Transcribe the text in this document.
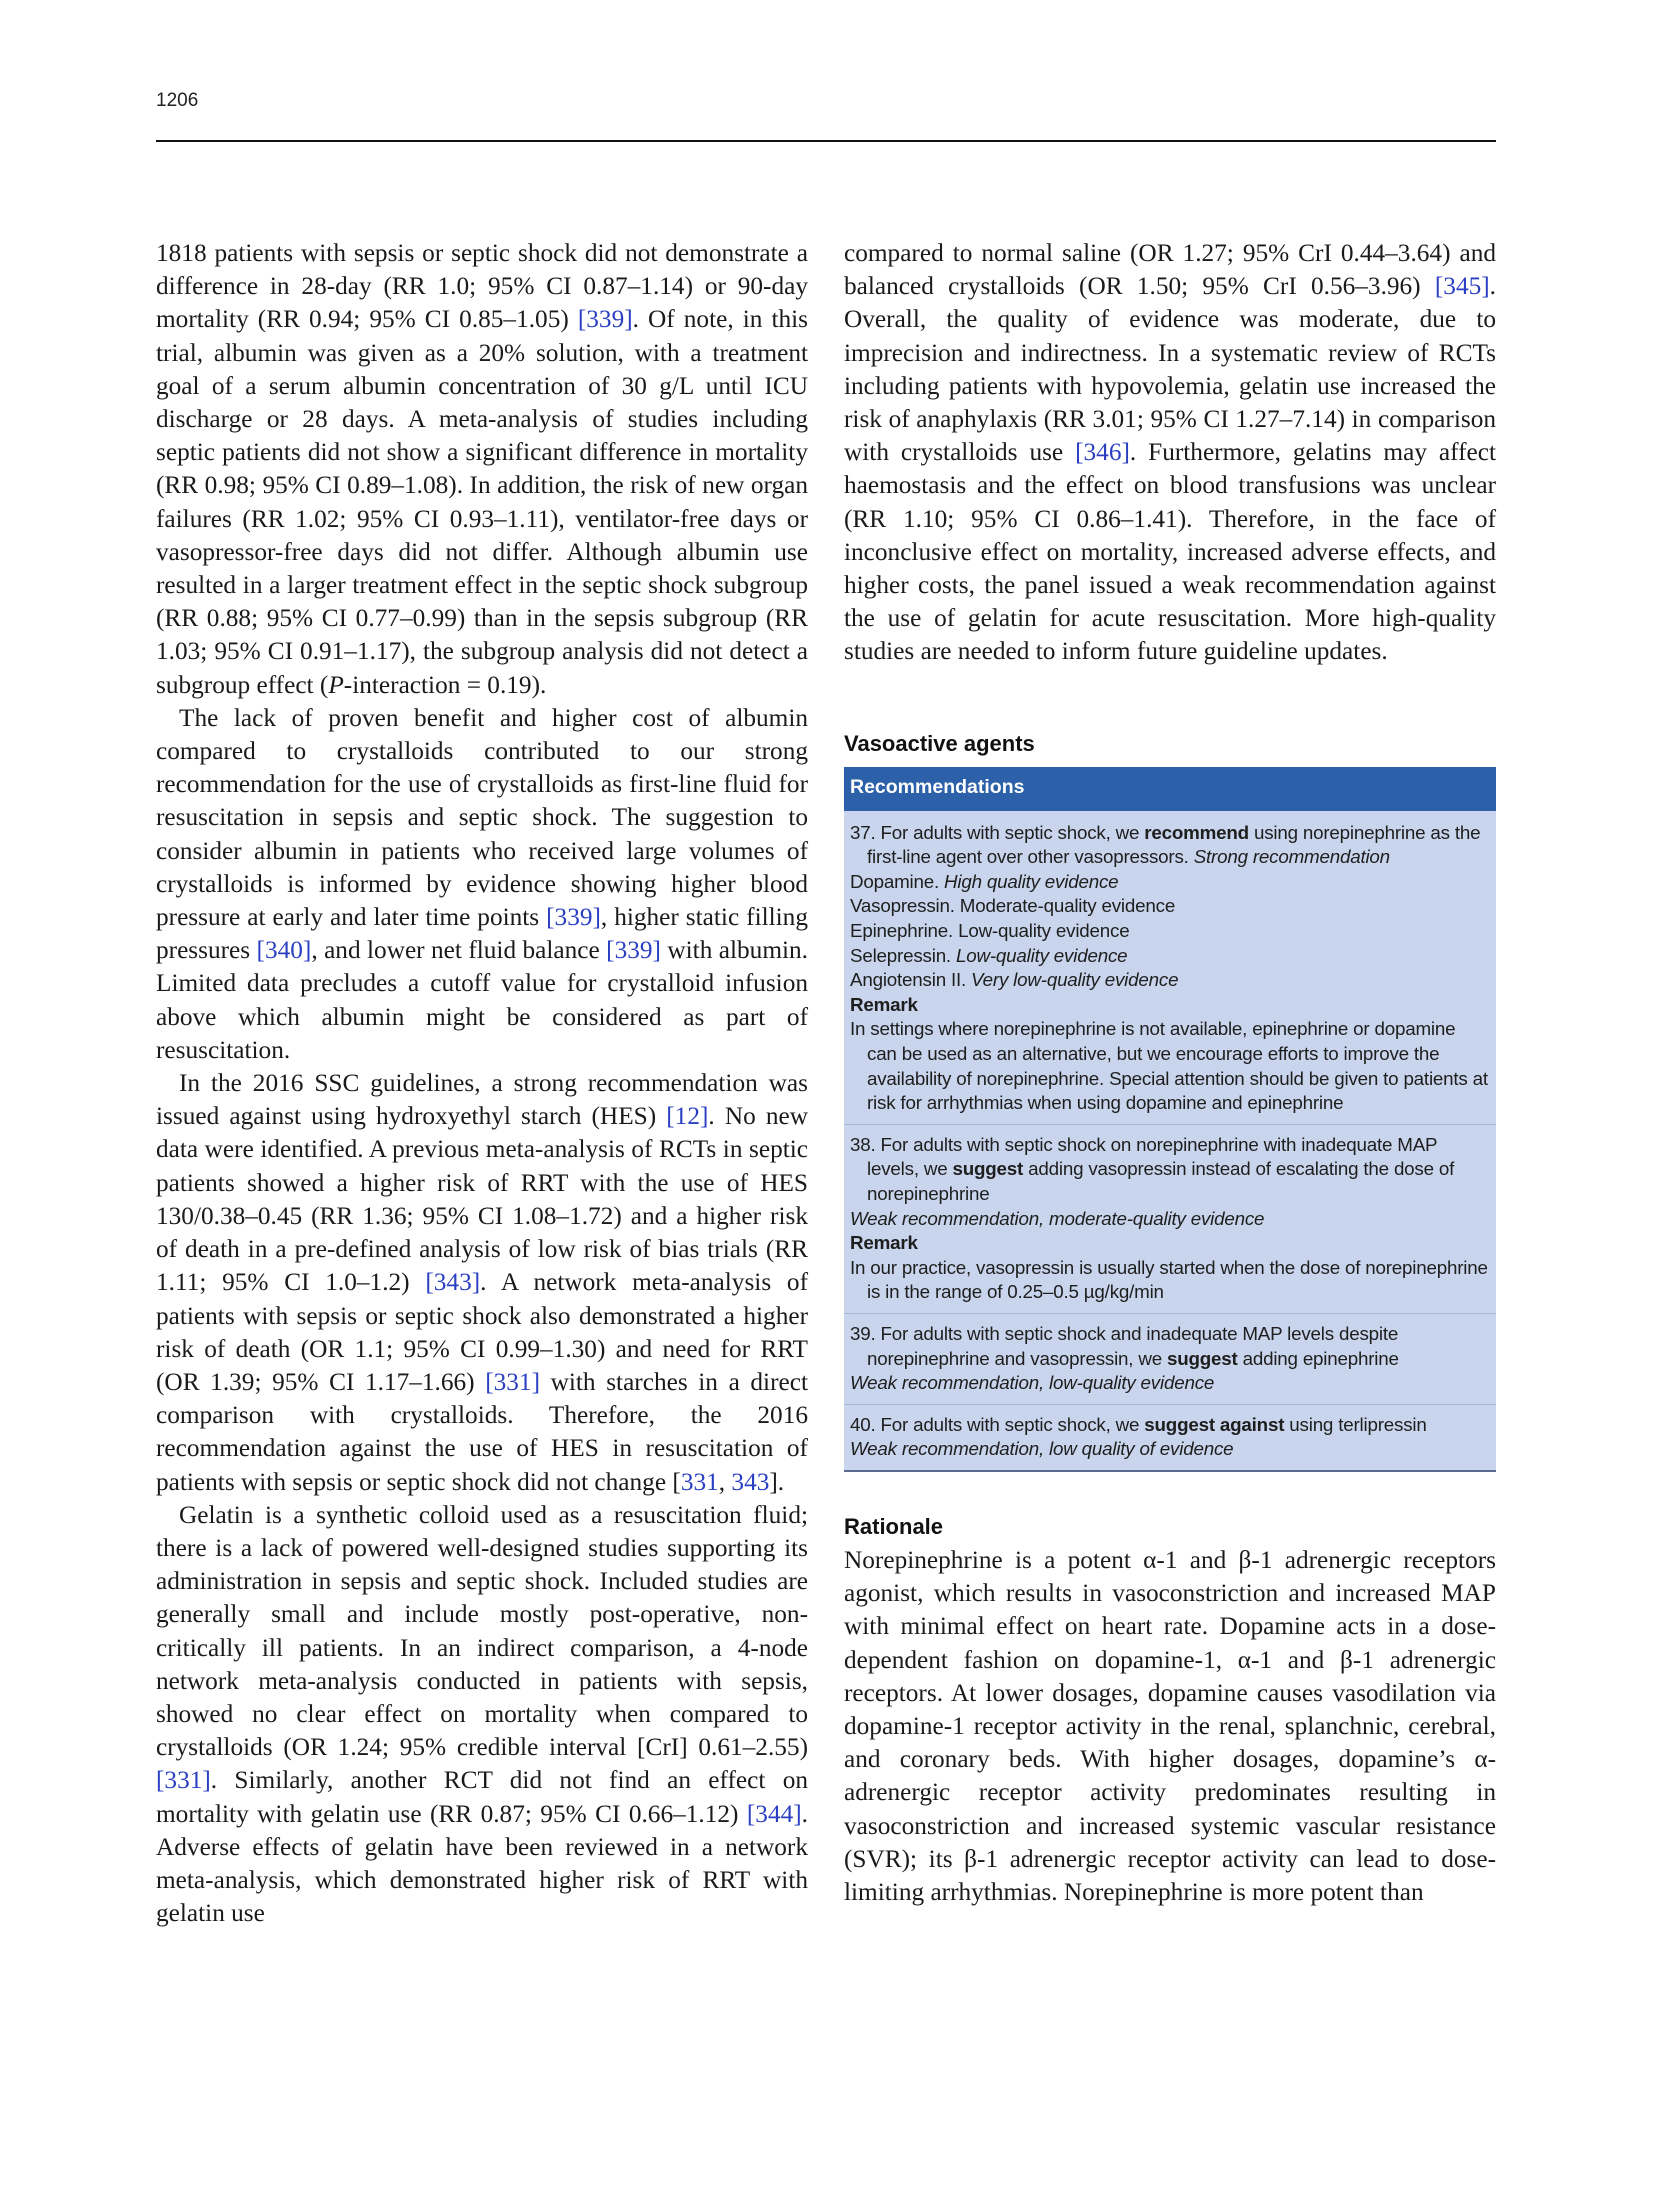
1206

1818 patients with sepsis or septic shock did not demonstrate a difference in 28-day (RR 1.0; 95% CI 0.87–1.14) or 90-day mortality (RR 0.94; 95% CI 0.85–1.05) [339]. Of note, in this trial, albumin was given as a 20% solution, with a treatment goal of a serum albumin concentration of 30 g/L until ICU discharge or 28 days. A meta-analysis of studies including septic patients did not show a significant difference in mortality (RR 0.98; 95% CI 0.89–1.08). In addition, the risk of new organ failures (RR 1.02; 95% CI 0.93–1.11), ventilator-free days or vasopressor-free days did not differ. Although albumin use resulted in a larger treatment effect in the septic shock subgroup (RR 0.88; 95% CI 0.77–0.99) than in the sepsis subgroup (RR 1.03; 95% CI 0.91–1.17), the subgroup analysis did not detect a subgroup effect (P-interaction = 0.19).

The lack of proven benefit and higher cost of albumin compared to crystalloids contributed to our strong recommendation for the use of crystalloids as first-line fluid for resuscitation in sepsis and septic shock. The suggestion to consider albumin in patients who received large volumes of crystalloids is informed by evidence showing higher blood pressure at early and later time points [339], higher static filling pressures [340], and lower net fluid balance [339] with albumin. Limited data precludes a cutoff value for crystalloid infusion above which albumin might be considered as part of resuscitation.

In the 2016 SSC guidelines, a strong recommendation was issued against using hydroxyethyl starch (HES) [12]. No new data were identified. A previous meta-analysis of RCTs in septic patients showed a higher risk of RRT with the use of HES 130/0.38–0.45 (RR 1.36; 95% CI 1.08–1.72) and a higher risk of death in a pre-defined analysis of low risk of bias trials (RR 1.11; 95% CI 1.0–1.2) [343]. A network meta-analysis of patients with sepsis or septic shock also demonstrated a higher risk of death (OR 1.1; 95% CI 0.99–1.30) and need for RRT (OR 1.39; 95% CI 1.17–1.66) [331] with starches in a direct comparison with crystalloids. Therefore, the 2016 recommendation against the use of HES in resuscitation of patients with sepsis or septic shock did not change [331, 343].

Gelatin is a synthetic colloid used as a resuscitation fluid; there is a lack of powered well-designed studies supporting its administration in sepsis and septic shock. Included studies are generally small and include mostly post-operative, non-critically ill patients. In an indirect comparison, a 4-node network meta-analysis conducted in patients with sepsis, showed no clear effect on mortality when compared to crystalloids (OR 1.24; 95% credible interval [CrI] 0.61–2.55) [331]. Similarly, another RCT did not find an effect on mortality with gelatin use (RR 0.87; 95% CI 0.66–1.12) [344]. Adverse effects of gelatin have been reviewed in a network meta-analysis, which demonstrated higher risk of RRT with gelatin use

compared to normal saline (OR 1.27; 95% CrI 0.44–3.64) and balanced crystalloids (OR 1.50; 95% CrI 0.56–3.96) [345]. Overall, the quality of evidence was moderate, due to imprecision and indirectness. In a systematic review of RCTs including patients with hypovolemia, gelatin use increased the risk of anaphylaxis (RR 3.01; 95% CI 1.27–7.14) in comparison with crystalloids use [346]. Furthermore, gelatins may affect haemostasis and the effect on blood transfusions was unclear (RR 1.10; 95% CI 0.86–1.41). Therefore, in the face of inconclusive effect on mortality, increased adverse effects, and higher costs, the panel issued a weak recommendation against the use of gelatin for acute resuscitation. More high-quality studies are needed to inform future guideline updates.

Vasoactive agents
Recommendations

37. For adults with septic shock, we recommend using norepinephrine as the first-line agent over other vasopressors. Strong recommendation

Dopamine. High quality evidence

Vasopressin. Moderate-quality evidence

Epinephrine. Low-quality evidence

Selepressin. Low-quality evidence

Angiotensin II. Very low-quality evidence

Remark

In settings where norepinephrine is not available, epinephrine or dopamine can be used as an alternative, but we encourage efforts to improve the availability of norepinephrine. Special attention should be given to patients at risk for arrhythmias when using dopamine and epinephrine

38. For adults with septic shock on norepinephrine with inadequate MAP levels, we suggest adding vasopressin instead of escalating the dose of norepinephrine

Weak recommendation, moderate-quality evidence

Remark

In our practice, vasopressin is usually started when the dose of norepinephrine is in the range of 0.25–0.5 µg/kg/min

39. For adults with septic shock and inadequate MAP levels despite norepinephrine and vasopressin, we suggest adding epinephrine

Weak recommendation, low-quality evidence

40. For adults with septic shock, we suggest against using terlipressin

Weak recommendation, low quality of evidence

Rationale

Norepinephrine is a potent α-1 and β-1 adrenergic receptors agonist, which results in vasoconstriction and increased MAP with minimal effect on heart rate. Dopamine acts in a dose-dependent fashion on dopamine-1, α-1 and β-1 adrenergic receptors. At lower dosages, dopamine causes vasodilation via dopamine-1 receptor activity in the renal, splanchnic, cerebral, and coronary beds. With higher dosages, dopamine’s α-adrenergic receptor activity predominates resulting in vasoconstriction and increased systemic vascular resistance (SVR); its β-1 adrenergic receptor activity can lead to dose-limiting arrhythmias. Norepinephrine is more potent than
